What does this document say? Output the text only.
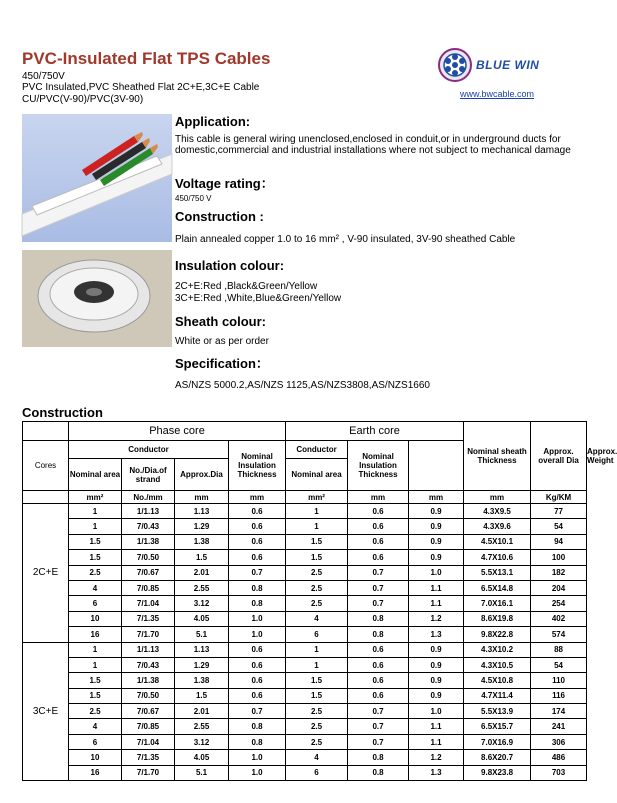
PVC-Insulated Flat TPS Cables
450/750V
PVC Insulated,PVC Sheathed Flat 2C+E,3C+E Cable
CU/PVC(V-90)/PVC(3V-90)
BLUE WIN
www.bwcable.com
Application:
This cable is general wiring unenclosed,enclosed in conduit,or in underground ducts for domestic,commercial and industrial installations where not subject to mechanical damage
Voltage rating：
450/750 V
Construction :
Plain annealed copper 1.0 to 16 mm² , V-90 insulated, 3V-90 sheathed Cable
Insulation colour:
2C+E:Red ,Black&Green/Yellow
3C+E:Red ,White,Blue&Green/Yellow
Sheath colour:
White or as per order
Specification：
AS/NZS 5000.2,AS/NZS 1125,AS/NZS3808,AS/NZS1660
Construction
	Phase core				Earth core			Nominal sheath Thickness	Approx. overall Dia	Approx. Weight
Cores	Conductor			Nominal Insulation Thickness	Conductor	Nominal Insulation Thickness				
	Nominal area	No./Dia.of strand	Approx.Dia		Nominal area					
	mm²	No./mm	mm	mm	mm²	mm	mm	mm	Kg/KM	
2C+E	1	1/1.13	1.13	0.6	1	0.6	0.9	4.3X9.5	77	
	1	7/0.43	1.29	0.6	1	0.6	0.9	4.3X9.6	54	
	1.5	1/1.38	1.38	0.6	1.5	0.6	0.9	4.5X10.1	94	
	1.5	7/0.50	1.5	0.6	1.5	0.6	0.9	4.7X10.6	100	
	2.5	7/0.67	2.01	0.7	2.5	0.7	1.0	5.5X13.1	182	
	4	7/0.85	2.55	0.8	2.5	0.7	1.1	6.5X14.8	204	
	6	7/1.04	3.12	0.8	2.5	0.7	1.1	7.0X16.1	254	
	10	7/1.35	4.05	1.0	4	0.8	1.2	8.6X19.8	402	
	16	7/1.70	5.1	1.0	6	0.8	1.3	9.8X22.8	574	
3C+E	1	1/1.13	1.13	0.6	1	0.6	0.9	4.3X10.2	88	
	1	7/0.43	1.29	0.6	1	0.6	0.9	4.3X10.5	54	
	1.5	1/1.38	1.38	0.6	1.5	0.6	0.9	4.5X10.8	110	
	1.5	7/0.50	1.5	0.6	1.5	0.6	0.9	4.7X11.4	116	
	2.5	7/0.67	2.01	0.7	2.5	0.7	1.0	5.5X13.9	174	
	4	7/0.85	2.55	0.8	2.5	0.7	1.1	6.5X15.7	241	
	6	7/1.04	3.12	0.8	2.5	0.7	1.1	7.0X16.9	306	
	10	7/1.35	4.05	1.0	4	0.8	1.2	8.6X20.7	486	
	16	7/1.70	5.1	1.0	6	0.8	1.3	9.8X23.8	703	
